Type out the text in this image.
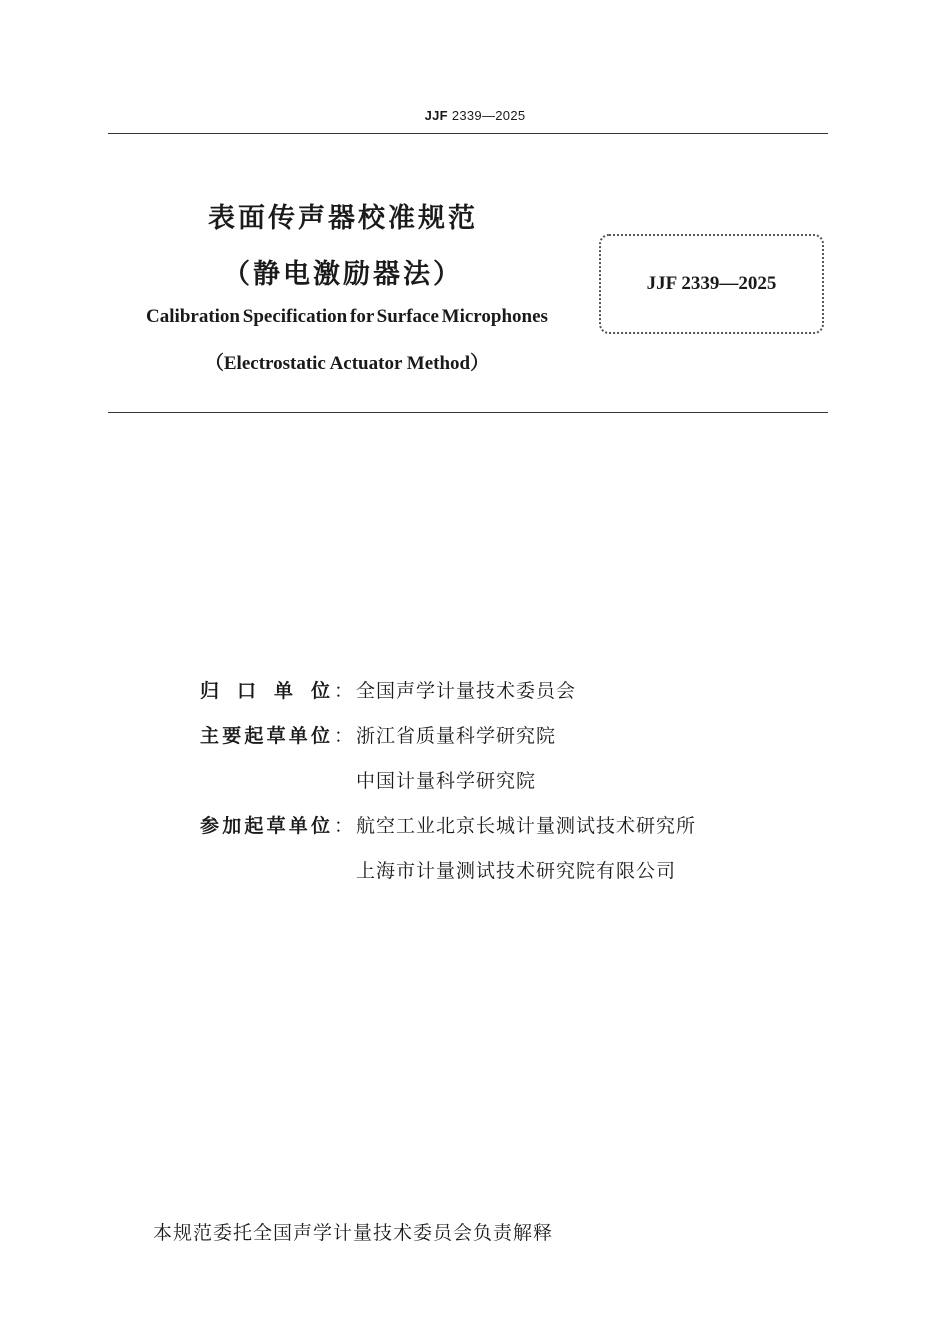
JJF 2339—2025
表面传声器校准规范
（静电激励器法）
Calibration Specification for Surface Microphones
（Electrostatic Actuator Method）
JJF 2339—2025
归 口 单 位 ： 全国声学计量技术委员会
主 要 起 草 单 位 ： 浙江省质量科学研究院
中国计量科学研究院
参 加 起 草 单 位 ： 航空工业北京长城计量测试技术研究所
上海市计量测试技术研究院有限公司
本规范委托全国声学计量技术委员会负责解释
